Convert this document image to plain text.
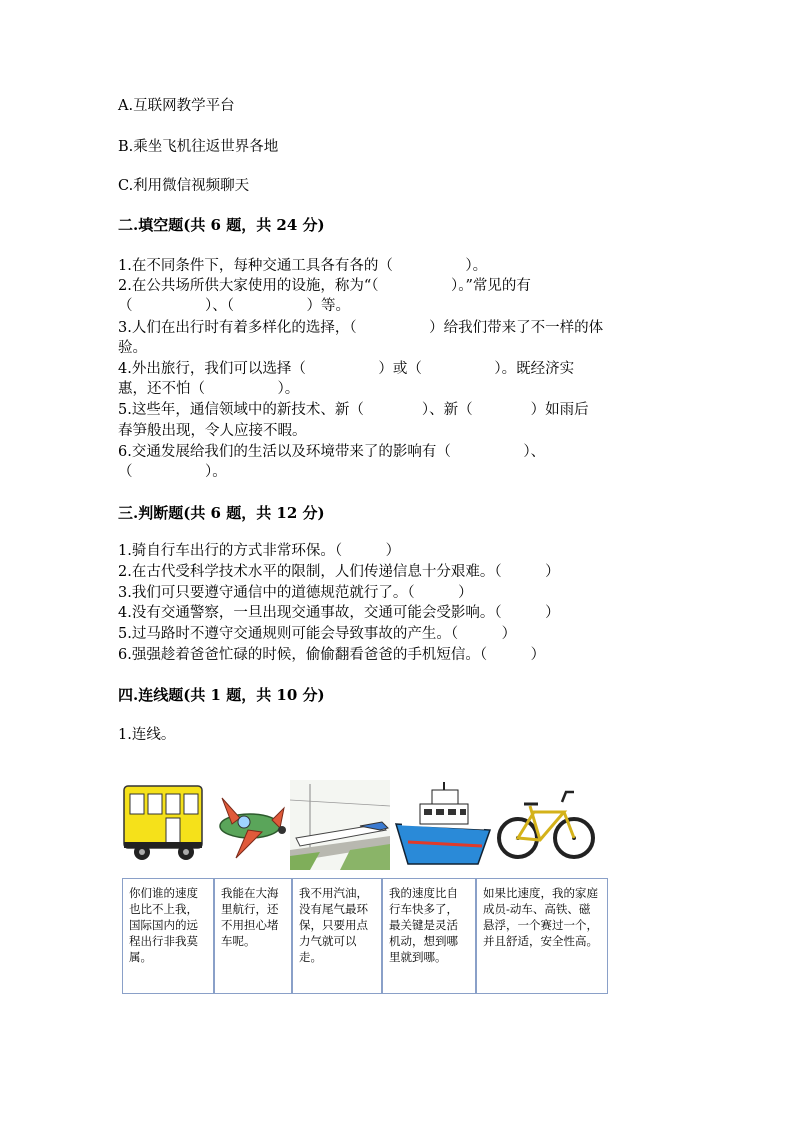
A.互联网教学平台
B.乘坐飞机往返世界各地
C.利用微信视频聊天
二.填空题(共 6 题，共 24 分)
1.在不同条件下，每种交通工具各有各的（　　　　　）。
2.在公共场所供大家使用的设施，称为“（　　　　　）。”常见的有
（　　　　　）、（　　　　　）等。
3.人们在出行时有着多样化的选择，（　　　　　）给我们带来了不一样的体
验。
4.外出旅行，我们可以选择（　　　　　）或（　　　　　）。既经济实
惠，还不怕（　　　　　）。
5.这些年，通信领域中的新技术、新（　　　　）、新（　　　　）如雨后
春笋般出现，令人应接不暇。
6.交通发展给我们的生活以及环境带来了的影响有（　　　　　）、
（　　　　　）。
三.判断题(共 6 题，共 12 分)
1.骑自行车出行的方式非常环保。（　　　）
2.在古代受科学技术水平的限制，人们传递信息十分艰难。（　　　）
3.我们可只要遵守通信中的道德规范就行了。（　　　）
4.没有交通警察，一旦出现交通事故，交通可能会受影响。（　　　）
5.过马路时不遵守交通规则可能会导致事故的产生。（　　　）
6.强强趁着爸爸忙碌的时候，偷偷翻看爸爸的手机短信。（　　　）
四.连线题(共 1 题，共 10 分)
1.连线。
你们谁的速度也比不上我，国际国内的远程出行非我莫属。
我能在大海里航行，还不用担心堵车呢。
我不用汽油，没有尾气最环保，只要用点力气就可以走。
我的速度比自行车快多了，最关键是灵活机动，想到哪里就到哪。
如果比速度，我的家庭成员-动车、高铁、磁悬浮，一个赛过一个，并且舒适，安全性高。
